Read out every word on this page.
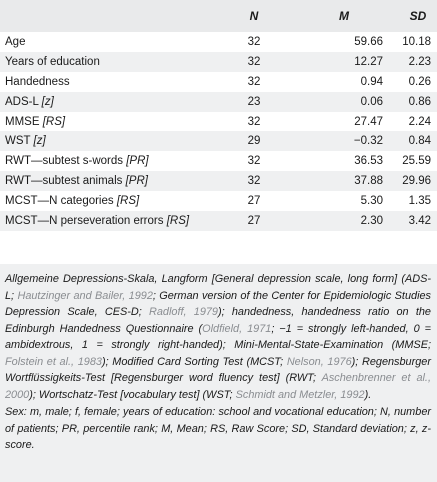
	N	M	SD
Age	32	59.66	10.18
Years of education	32	12.27	2.23
Handedness	32	0.94	0.26
ADS-L [z]	23	0.06	0.86
MMSE [RS]	32	27.47	2.24
WST [z]	29	−0.32	0.84
RWT—subtest s-words [PR]	32	36.53	25.59
RWT—subtest animals [PR]	32	37.88	29.96
MCST—N categories [RS]	27	5.30	1.35
MCST—N perseveration errors [RS]	27	2.30	3.42

Allgemeine Depressions-Skala, Langform [General depression scale, long form] (ADS-L; Hautzinger and Bailer, 1992; German version of the Center for Epidemiologic Studies Depression Scale, CES-D; Radloff, 1979); handedness, handedness ratio on the Edinburgh Handedness Questionnaire (Oldfield, 1971; −1 = strongly left-handed, 0 = ambidextrous, 1 = strongly right-handed); Mini-Mental-State-Examination (MMSE; Folstein et al., 1983); Modified Card Sorting Test (MCST; Nelson, 1976); Regensburger Wortflüssigkeits-Test [Regensburger word fluency test] (RWT; Aschenbrenner et al., 2000); Wortschatz-Test [vocabulary test] (WST; Schmidt and Metzler, 1992).

Sex: m, male; f, female; years of education: school and vocational education; N, number of patients; PR, percentile rank; M, Mean; RS, Raw Score; SD, Standard deviation; z, z-score.
